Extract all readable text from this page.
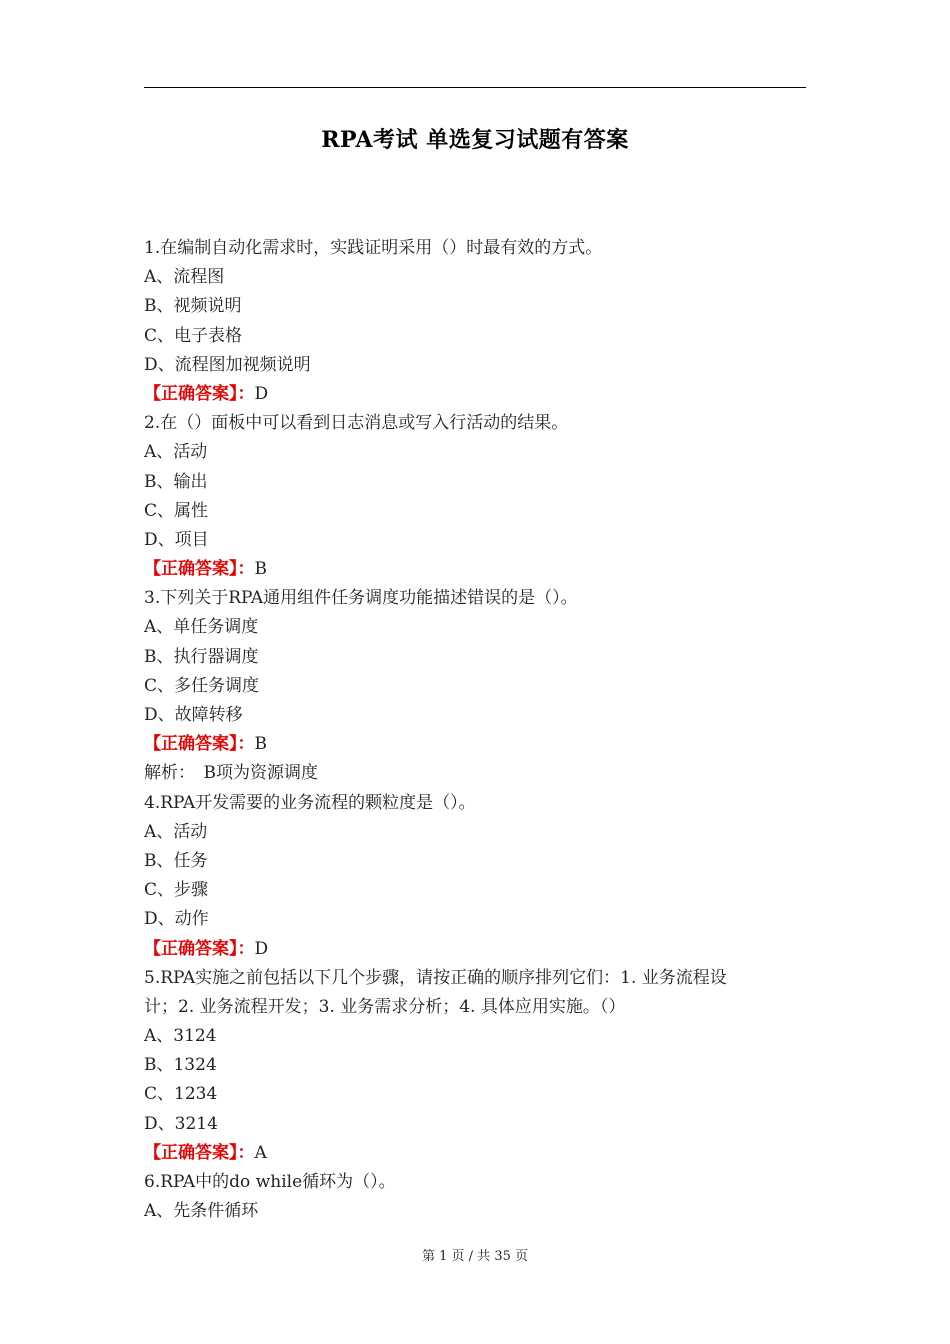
RPA考试 单选复习试题有答案
1.在编制自动化需求时，实践证明采用（）时最有效的方式。
A、流程图
B、视频说明
C、电子表格
D、流程图加视频说明
【正确答案】：D
2.在（）面板中可以看到日志消息或写入行活动的结果。
A、活动
B、输出
C、属性
D、项目
【正确答案】：B
3.下列关于RPA通用组件任务调度功能描述错误的是（）。
A、单任务调度
B、执行器调度
C、多任务调度
D、故障转移
【正确答案】：B
解析：　B项为资源调度
4.RPA开发需要的业务流程的颗粒度是（）。
A、活动
B、任务
C、步骤
D、动作
【正确答案】：D
5.RPA实施之前包括以下几个步骤，请按正确的顺序排列它们：1. 业务流程设
计；2. 业务流程开发；3. 业务需求分析；4. 具体应用实施。（）
A、3124
B、1324
C、1234
D、3214
【正确答案】：A
6.RPA中的do while循环为（）。
A、先条件循环
第 1 页 / 共 35 页
